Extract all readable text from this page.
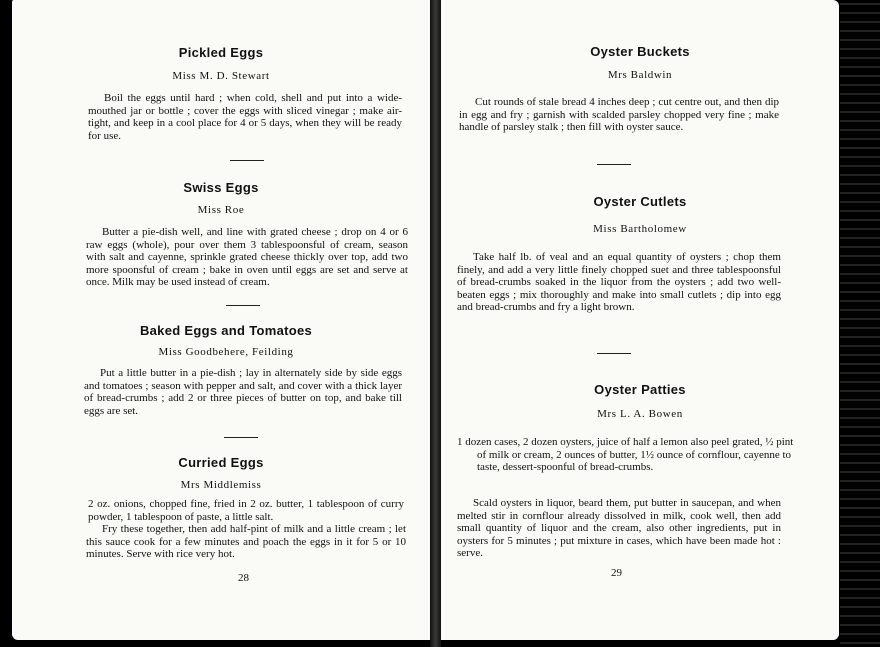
Pickled Eggs
Miss M. D. Stewart
Boil the eggs until hard ; when cold, shell and put into a wide-mouthed jar or bottle ; cover the eggs with sliced vinegar ; make air-tight, and keep in a cool place for 4 or 5 days, when they will be ready for use.
Swiss Eggs
Miss Roe
Butter a pie-dish well, and line with grated cheese ; drop on 4 or 6 raw eggs (whole), pour over them 3 tablespoonsful of cream, season with salt and cayenne, sprinkle grated cheese thickly over top, add two more spoonsful of cream ; bake in oven until eggs are set and serve at once. Milk may be used instead of cream.
Baked Eggs and Tomatoes
Miss Goodbehere, Feilding
Put a little butter in a pie-dish ; lay in alternately side by side eggs and tomatoes ; season with pepper and salt, and cover with a thick layer of bread-crumbs ; add 2 or three pieces of butter on top, and bake till eggs are set.
Curried Eggs
Mrs Middlemiss
2 oz. onions, chopped fine, fried in 2 oz. butter, 1 tablespoon of curry powder, 1 tablespoon of paste, a little salt.
Fry these together, then add half-pint of milk and a little cream ; let this sauce cook for a few minutes and poach the eggs in it for 5 or 10 minutes. Serve with rice very hot.
28
Oyster Buckets
Mrs Baldwin
Cut rounds of stale bread 4 inches deep ; cut centre out, and then dip in egg and fry ; garnish with scalded parsley chopped very fine ; make handle of parsley stalk ; then fill with oyster sauce.
Oyster Cutlets
Miss Bartholomew
Take half lb. of veal and an equal quantity of oysters ; chop them finely, and add a very little finely chopped suet and three tablespoonsful of bread-crumbs soaked in the liquor from the oysters ; add two well-beaten eggs ; mix thoroughly and make into small cutlets ; dip into egg and bread-crumbs and fry a light brown.
Oyster Patties
Mrs L. A. Bowen
1 dozen cases, 2 dozen oysters, juice of half a lemon also peel grated, ½ pint of milk or cream, 2 ounces of butter, 1½ ounce of cornflour, cayenne to taste, dessert-spoonful of bread-crumbs.
Scald oysters in liquor, beard them, put butter in saucepan, and when melted stir in cornflour already dissolved in milk, cook well, then add small quantity of liquor and the cream, also other ingredients, put in oysters for 5 minutes ; put mixture in cases, which have been made hot : serve.
29
